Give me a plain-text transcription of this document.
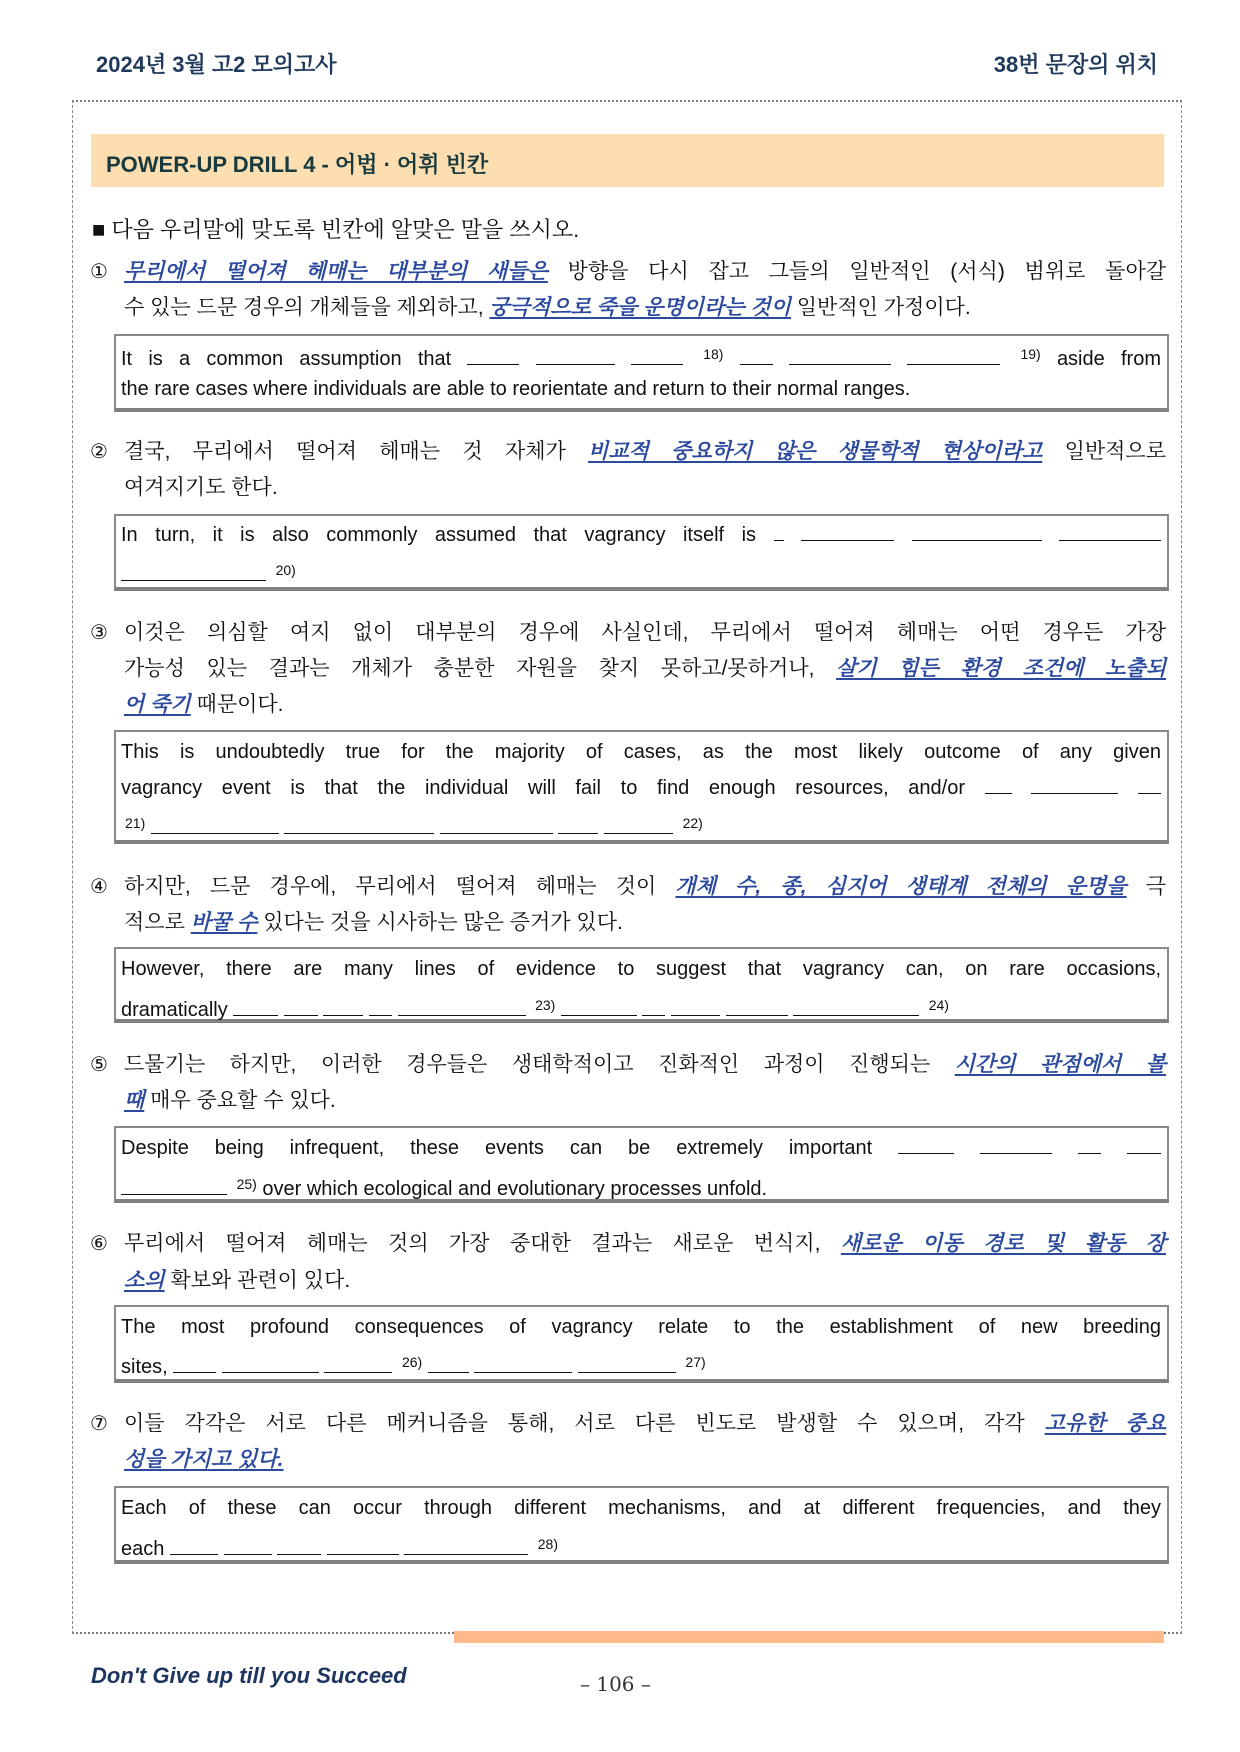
2024년 3월 고2 모의고사	38번 문장의 위치
POWER-UP DRILL 4 - 어법 · 어휘 빈칸
■ 다음 우리말에 맞도록 빈칸에 알맞은 말을 쓰시오.
① 무리에서 떨어져 헤매는 대부분의 새들은 방향을 다시 잡고 그들의 일반적인 (서식) 범위로 돌아갈
수 있는 드문 경우의 개체들을 제외하고, 궁극적으로 죽을 운명이라는 것이 일반적인 가정이다.
It is a common assumption that	$^{18)}$	$^{19)}$ aside from
the rare cases where individuals are able to reorientate and return to their normal ranges.
② 결국, 무리에서 떨어져 헤매는 것 자체가 비교적 중요하지 않은 생물학적 현상이라고 일반적으로
여겨지기도 한다.
In turn, it is also commonly assumed that vagrancy itself is
$^{20)}$
③ 이것은 의심할 여지 없이 대부분의 경우에 사실인데, 무리에서 떨어져 헤매는 어떤 경우든 가장
가능성 있는 결과는 개체가 충분한 자원을 찾지 못하고/못하거나, 살기 힘든 환경 조건에 노출되
어 죽기 때문이다.
This is undoubtedly true for the majority of cases, as the most likely outcome of any given
vagrancy event is that the individual will fail to find enough resources, and/or
$^{21)}$	$^{22)}$
④ 하지만, 드문 경우에, 무리에서 떨어져 헤매는 것이 개체 수, 종, 심지어 생태계 전체의 운명을 극
적으로 바꿀 수 있다는 것을 시사하는 많은 증거가 있다.
However, there are many lines of evidence to suggest that vagrancy can, on rare occasions,
dramatically	$^{23)}$	$^{24)}$
⑤ 드물기는 하지만, 이러한 경우들은 생태학적이고 진화적인 과정이 진행되는 시간의 관점에서 볼
때 매우 중요할 수 있다.
Despite being infrequent, these events can be extremely important
$^{25)}$ over which ecological and evolutionary processes unfold.
⑥ 무리에서 떨어져 헤매는 것의 가장 중대한 결과는 새로운 번식지, 새로운 이동 경로 및 활동 장
소의 확보와 관련이 있다.
The most profound consequences of vagrancy relate to the establishment of new breeding
sites,	$^{26)}$	$^{27)}$
⑦ 이들 각각은 서로 다른 메커니즘을 통해, 서로 다른 빈도로 발생할 수 있으며, 각각 고유한 중요
성을 가지고 있다.
Each of these can occur through different mechanisms, and at different frequencies, and they
each	$^{28)}$
Don't Give up till you Succeed	– 106 –
